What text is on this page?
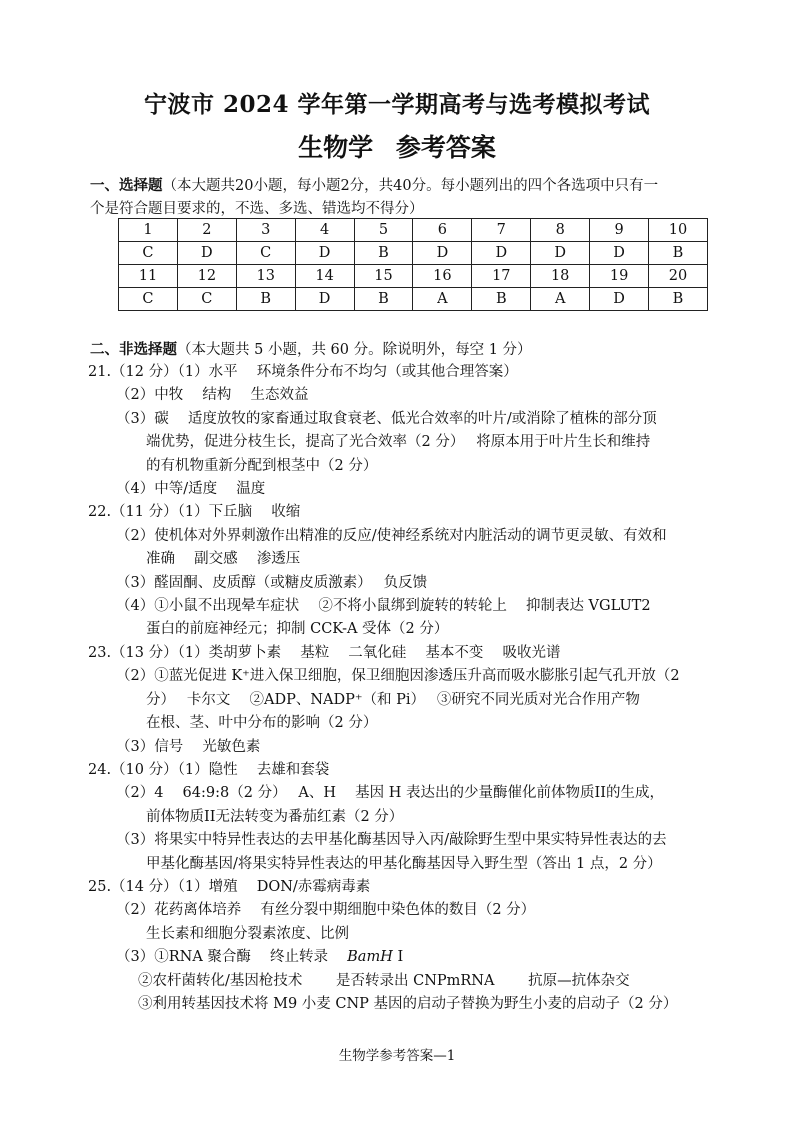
宁波市 2024 学年第一学期高考与选考模拟考试
生物学 参考答案
一、选择题（本大题共20小题，每小题2分，共40分。每小题列出的四个各选项中只有一
个是符合题目要求的，不选、多选、错选均不得分）
1	2	3	4	5	6	7	8	9	10
C	D	C	D	B	D	D	D	D	B
11	12	13	14	15	16	17	18	19	20
C	C	B	D	B	A	B	A	D	B
二、非选择题（本大题共 5 小题，共 60 分。除说明外，每空 1 分）
21.（12 分）（1）水平　 环境条件分布不均匀（或其他合理答案）
（2）中牧　 结构　 生态效益
（3）碳　 适度放牧的家畜通过取食衰老、低光合效率的叶片/或消除了植株的部分顶
端优势，促进分枝生长，提高了光合效率（2 分）　 将原本用于叶片生长和维持
的有机物重新分配到根茎中（2 分）
（4）中等/适度　 温度
22.（11 分）（1）下丘脑　 收缩
（2）使机体对外界刺激作出精准的反应/使神经系统对内脏活动的调节更灵敏、有效和
准确　 副交感　 渗透压
（3）醛固酮、皮质醇（或糖皮质激素）　 负反馈
（4）①小鼠不出现晕车症状　 ②不将小鼠绑到旋转的转轮上　 抑制表达 VGLUT2
蛋白的前庭神经元；抑制 CCK-A 受体（2 分）
23.（13 分）（1）类胡萝卜素　 基粒　 二氧化硅　 基本不变　 吸收光谱
（2）①蓝光促进 K⁺进入保卫细胞，保卫细胞因渗透压升高而吸水膨胀引起气孔开放（2
分）　 卡尔文　 ②ADP、NADP⁺（和 Pi）　 ③研究不同光质对光合作用产物
在根、茎、叶中分布的影响（2 分）
（3）信号　 光敏色素
24.（10 分）（1）隐性　 去雄和套袋
（2）4　 64:9:8（2 分）　 A、H　 基因 H 表达出的少量酶催化前体物质II的生成，
前体物质II无法转变为番茄红素（2 分）
（3）将果实中特异性表达的去甲基化酶基因导入丙/敲除野生型中果实特异性表达的去
甲基化酶基因/将果实特异性表达的甲基化酶基因导入野生型（答出 1 点，2 分）
25.（14 分）（1）增殖　 DON/赤霉病毒素
（2）花药离体培养　 有丝分裂中期细胞中染色体的数目（2 分）
生长素和细胞分裂素浓度、比例
（3）①RNA 聚合酶　 终止转录　 BamH I
②农杆菌转化/基因枪技术　　 是否转录出 CNPmRNA　　 抗原—抗体杂交
③利用转基因技术将 M9 小麦 CNP 基因的启动子替换为野生小麦的启动子（2 分）
生物学参考答案—1
